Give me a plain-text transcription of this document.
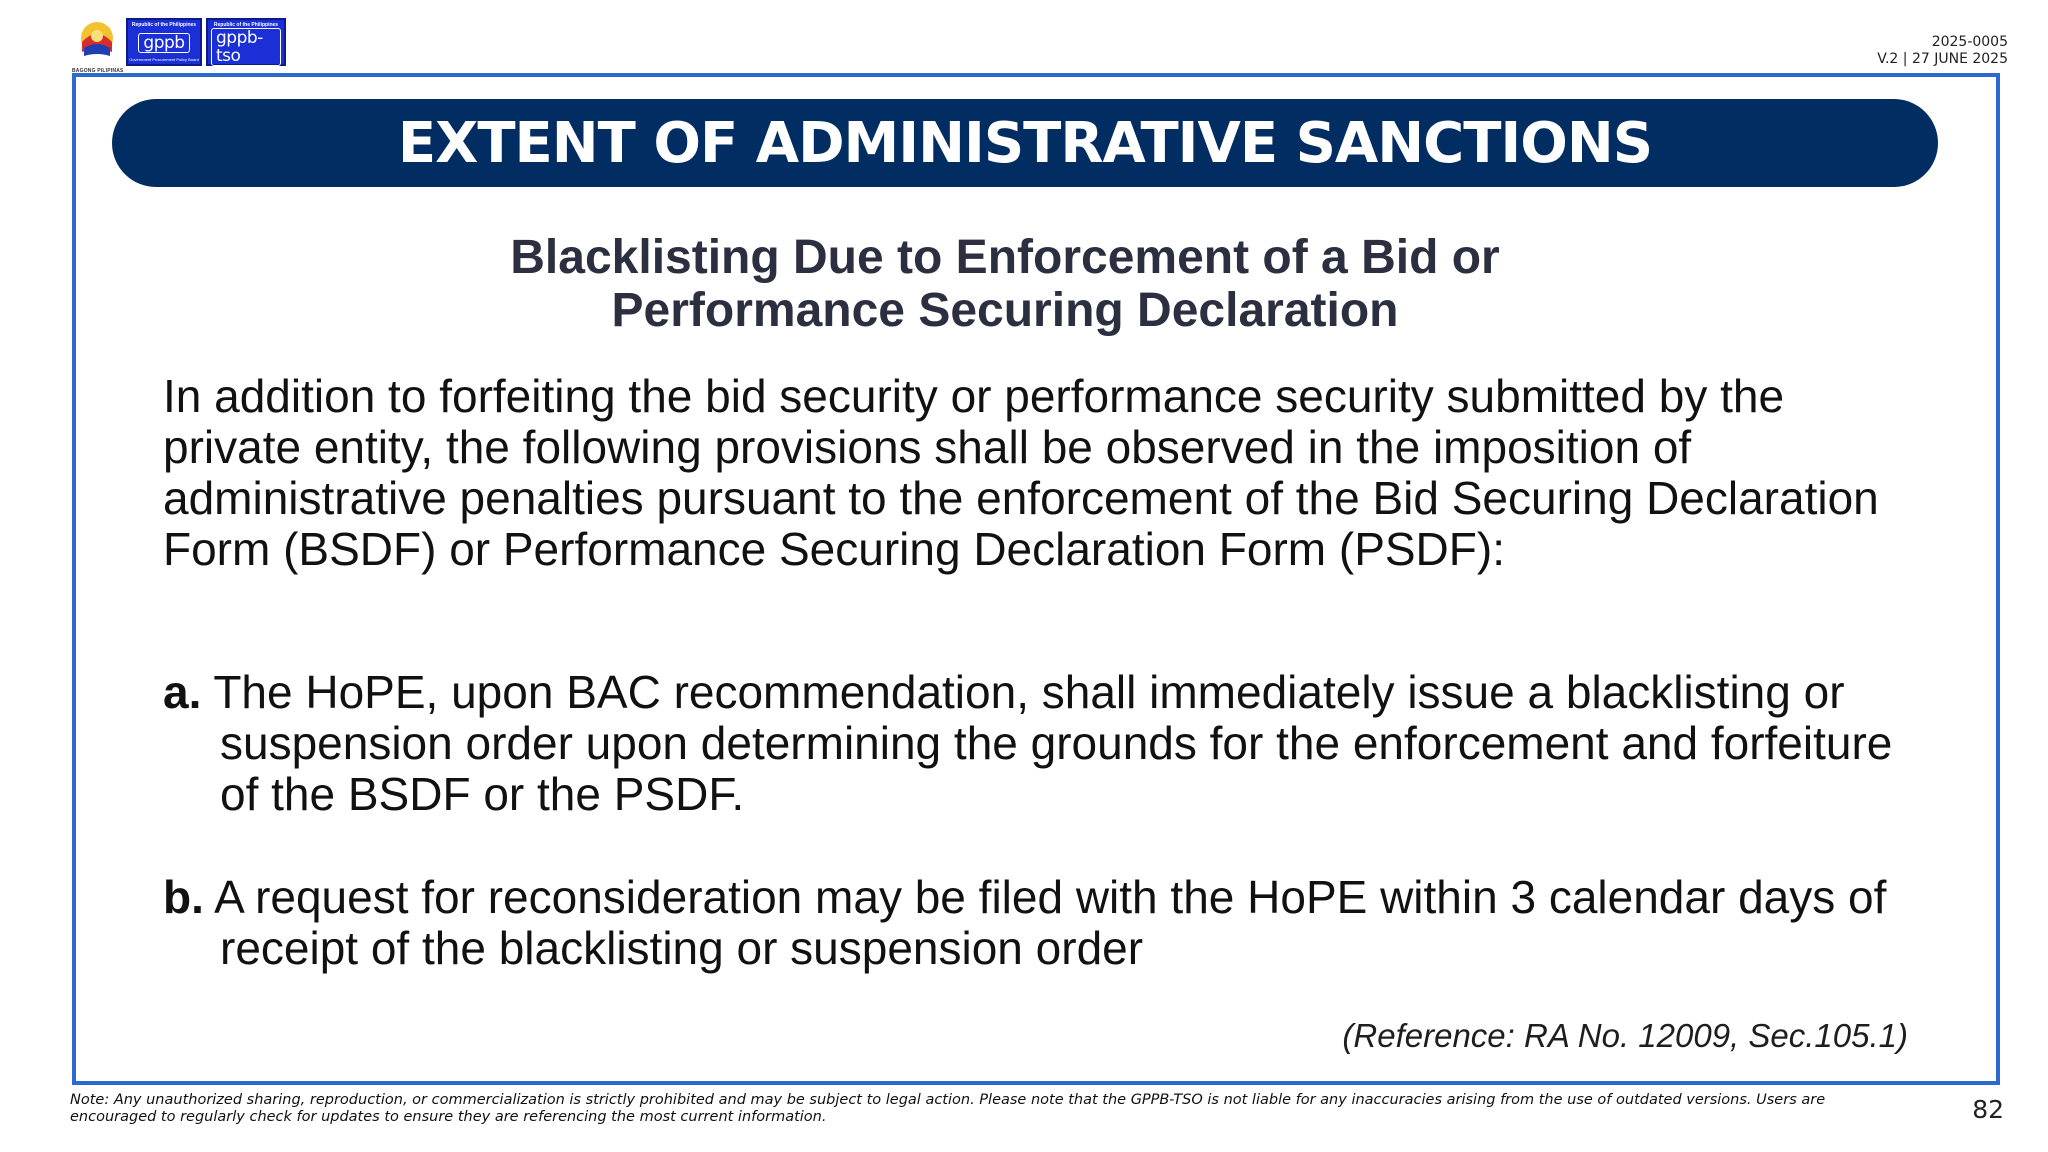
BAGONG PILIPINAS
Republic of the Philippines
gppb
Government Procurement Policy Board
Republic of the Philippines
gppb-tso
Technical Support Office
2025-0005
V.2 | 27 JUNE 2025
EXTENT OF ADMINISTRATIVE SANCTIONS
Blacklisting Due to Enforcement of a Bid or
Performance Securing Declaration
In addition to forfeiting the bid security or performance security submitted by the private entity, the following provisions shall be observed in the imposition of administrative penalties pursuant to the enforcement of the Bid Securing Declaration Form (BSDF) or Performance Securing Declaration Form (PSDF):
a. The HoPE, upon BAC recommendation, shall immediately issue a blacklisting or suspension order upon determining the grounds for the enforcement and forfeiture of the BSDF or the PSDF.
b. A request for reconsideration may be filed with the HoPE within 3 calendar days of receipt of the blacklisting or suspension order
(Reference: RA No. 12009, Sec.105.1)
Note: Any unauthorized sharing, reproduction, or commercialization is strictly prohibited and may be subject to legal action. Please note that the GPPB-TSO is not liable for any inaccuracies arising from the use of outdated versions. Users are encouraged to regularly check for updates to ensure they are referencing the most current information.	82
